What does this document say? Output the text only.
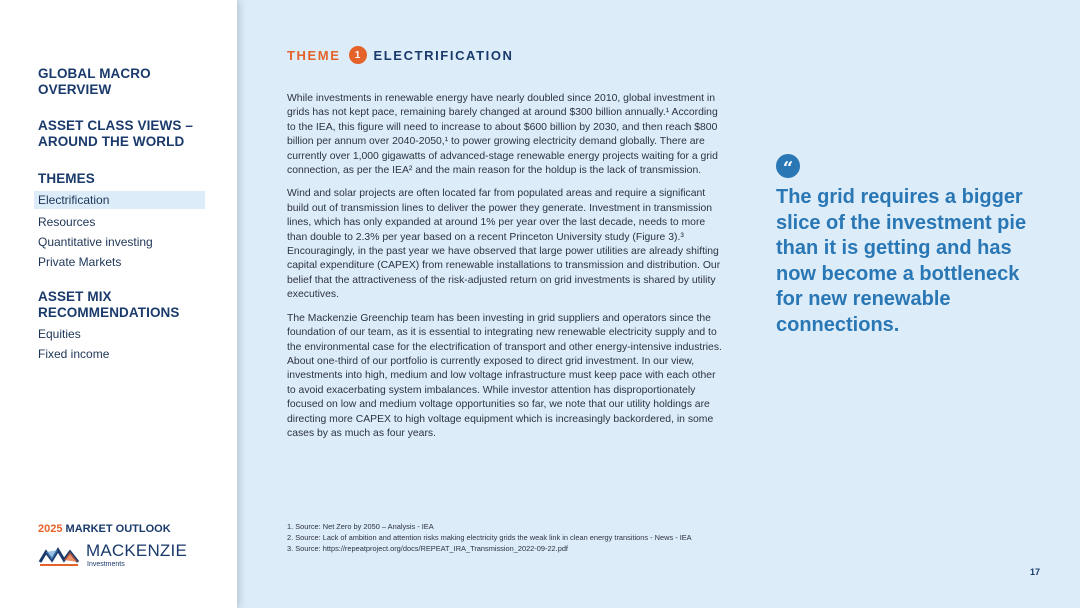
GLOBAL MACRO OVERVIEW
ASSET CLASS VIEWS – AROUND THE WORLD
THEMES
Electrification
Resources
Quantitative investing
Private Markets
ASSET MIX RECOMMENDATIONS
Equities
Fixed income
2025 MARKET OUTLOOK
MACKENZIE
Investments
THEME	1	ELECTRIFICATION

While investments in renewable energy have nearly doubled since 2010, global investment in grids has not kept pace, remaining barely changed at around $300 billion annually.¹ According to the IEA, this figure will need to increase to about $600 billion by 2030, and then reach $800 billion per annum over 2040-2050,¹ to power growing electricity demand globally. There are currently over 1,000 gigawatts of advanced-stage renewable energy projects waiting for a grid connection, as per the IEA² and the main reason for the holdup is the lack of transmission.

Wind and solar projects are often located far from populated areas and require a significant build out of transmission lines to deliver the power they generate. Investment in transmission lines, which has only expanded at around 1% per year over the last decade, needs to more than double to 2.3% per year based on a recent Princeton University study (Figure 3).³ Encouragingly, in the past year we have observed that large power utilities are already shifting capital expenditure (CAPEX) from renewable installations to transmission and distribution. Our belief that the attractiveness of the risk-adjusted return on grid investments is shared by utility executives.

The Mackenzie Greenchip team has been investing in grid suppliers and operators since the foundation of our team, as it is essential to integrating new renewable electricity supply and to the environmental case for the electrification of transport and other energy-intensive industries. About one-third of our portfolio is currently exposed to direct grid investment. In our view, investments into high, medium and low voltage infrastructure must keep pace with each other to avoid exacerbating system imbalances. While investor attention has disproportionately focused on low and medium voltage opportunities so far, we note that our utility holdings are directing more CAPEX to high voltage equipment which is increasingly backordered, in some cases by as much as four years.

1. Source: Net Zero by 2050 – Analysis - IEA
2. Source: Lack of ambition and attention risks making electricity grids the weak link in clean energy transitions - News - IEA
3. Source: https://repeatproject.org/docs/REPEAT_IRA_Transmission_2022-09-22.pdf
“
The grid requires a bigger slice of the investment pie than it is getting and has now become a bottleneck for new renewable connections.
17
